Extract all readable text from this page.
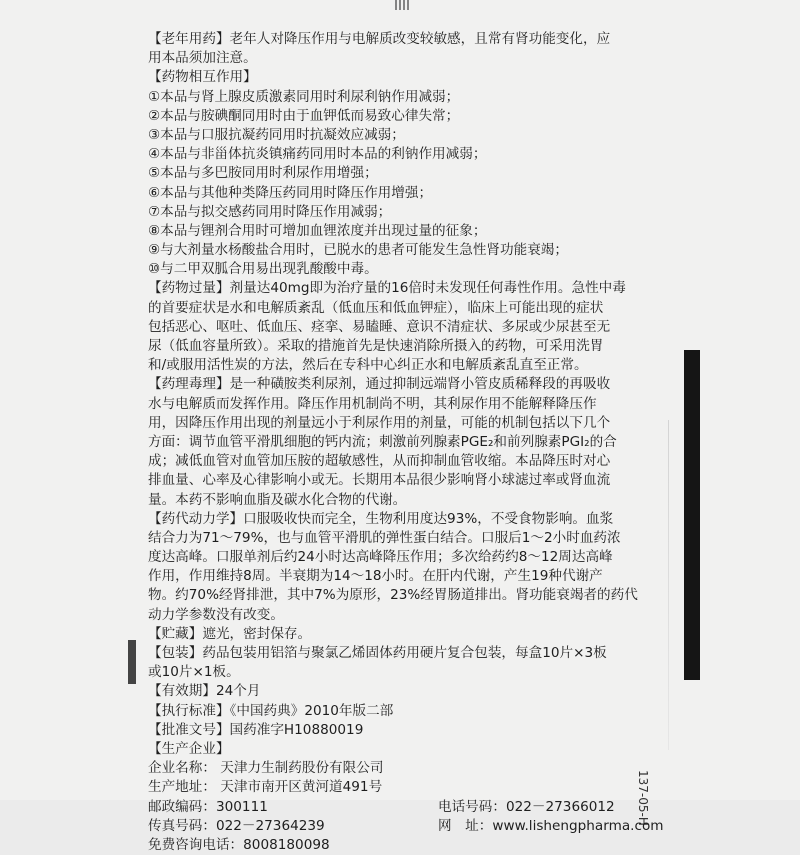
137-05-H
【老年用药】老年人对降压作用与电解质改变较敏感，且常有肾功能变化，应
用本品须加注意。
【药物相互作用】
①本品与肾上腺皮质激素同用时利尿利钠作用减弱；
②本品与胺碘酮同用时由于血钾低而易致心律失常；
③本品与口服抗凝药同用时抗凝效应减弱；
④本品与非甾体抗炎镇痛药同用时本品的利钠作用减弱；
⑤本品与多巴胺同用时利尿作用增强；
⑥本品与其他种类降压药同用时降压作用增强；
⑦本品与拟交感药同用时降压作用减弱；
⑧本品与锂剂合用时可增加血锂浓度并出现过量的征象；
⑨与大剂量水杨酸盐合用时，已脱水的患者可能发生急性肾功能衰竭；
⑩与二甲双胍合用易出现乳酸酸中毒。
【药物过量】剂量达40mg即为治疗量的16倍时未发现任何毒性作用。急性中毒
的首要症状是水和电解质紊乱（低血压和低血钾症），临床上可能出现的症状
包括恶心、呕吐、低血压、痉挛、易瞌睡、意识不清症状、多尿或少尿甚至无
尿（低血容量所致）。采取的措施首先是快速消除所摄入的药物，可采用洗胃
和/或服用活性炭的方法，然后在专科中心纠正水和电解质紊乱直至正常。
【药理毒理】是一种磺胺类利尿剂，通过抑制远端肾小管皮质稀释段的再吸收
水与电解质而发挥作用。降压作用机制尚不明，其利尿作用不能解释降压作
用，因降压作用出现的剂量远小于利尿作用的剂量，可能的机制包括以下几个
方面：调节血管平滑肌细胞的钙内流；刺激前列腺素PGE₂和前列腺素PGI₂的合
成；减低血管对血管加压胺的超敏感性，从而抑制血管收缩。本品降压时对心
排血量、心率及心律影响小或无。长期用本品很少影响肾小球滤过率或肾血流
量。本药不影响血脂及碳水化合物的代谢。
【药代动力学】口服吸收快而完全，生物利用度达93%，不受食物影响。血浆
结合力为71～79%，也与血管平滑肌的弹性蛋白结合。口服后1～2小时血药浓
度达高峰。口服单剂后约24小时达高峰降压作用；多次给药约8～12周达高峰
作用，作用维持8周。半衰期为14～18小时。在肝内代谢，产生19种代谢产
物。约70%经肾排泄，其中7%为原形，23%经胃肠道排出。肾功能衰竭者的药代
动力学参数没有改变。
【贮藏】遮光，密封保存。
【包装】药品包装用铝箔与聚氯乙烯固体药用硬片复合包装，每盒10片×3板
或10片×1板。
【有效期】24个月
【执行标准】《中国药典》2010年版二部
【批准文号】国药准字H10880019
【生产企业】
企业名称： 天津力生制药股份有限公司
生产地址： 天津市南开区黄河道491号
邮政编码：300111	电话号码：022－27366012
传真号码：022－27364239	网　址：www.lishengpharma.com
免费咨询电话：8008180098
